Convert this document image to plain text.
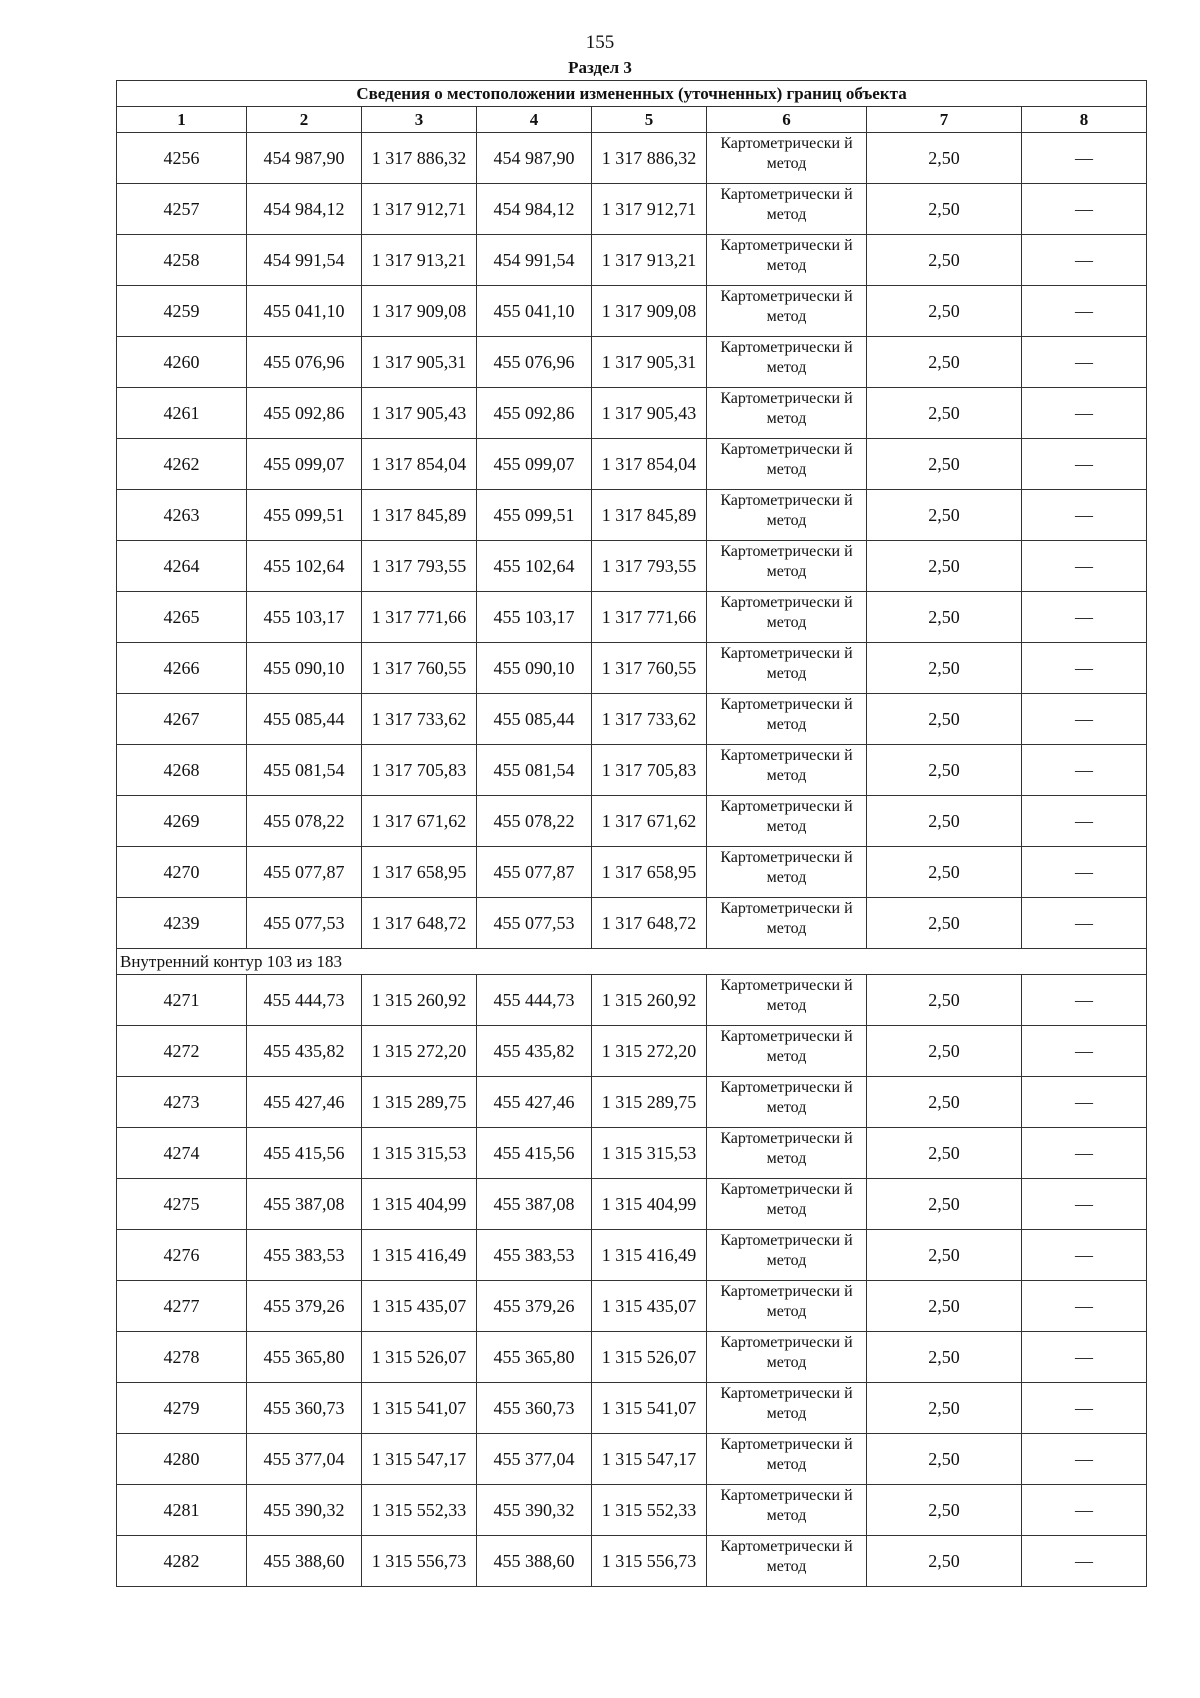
155
Раздел 3
Сведения о местоположении измененных (уточненных) границ объекта							
1	2	3	4	5	6	7	8
4256	454 987,90	1 317 886,32	454 987,90	1 317 886,32	Картометрически й метод	2,50	—
4257	454 984,12	1 317 912,71	454 984,12	1 317 912,71	Картометрически й метод	2,50	—
4258	454 991,54	1 317 913,21	454 991,54	1 317 913,21	Картометрически й метод	2,50	—
4259	455 041,10	1 317 909,08	455 041,10	1 317 909,08	Картометрически й метод	2,50	—
4260	455 076,96	1 317 905,31	455 076,96	1 317 905,31	Картометрически й метод	2,50	—
4261	455 092,86	1 317 905,43	455 092,86	1 317 905,43	Картометрически й метод	2,50	—
4262	455 099,07	1 317 854,04	455 099,07	1 317 854,04	Картометрически й метод	2,50	—
4263	455 099,51	1 317 845,89	455 099,51	1 317 845,89	Картометрически й метод	2,50	—
4264	455 102,64	1 317 793,55	455 102,64	1 317 793,55	Картометрически й метод	2,50	—
4265	455 103,17	1 317 771,66	455 103,17	1 317 771,66	Картометрически й метод	2,50	—
4266	455 090,10	1 317 760,55	455 090,10	1 317 760,55	Картометрически й метод	2,50	—
4267	455 085,44	1 317 733,62	455 085,44	1 317 733,62	Картометрически й метод	2,50	—
4268	455 081,54	1 317 705,83	455 081,54	1 317 705,83	Картометрически й метод	2,50	—
4269	455 078,22	1 317 671,62	455 078,22	1 317 671,62	Картометрически й метод	2,50	—
4270	455 077,87	1 317 658,95	455 077,87	1 317 658,95	Картометрически й метод	2,50	—
4239	455 077,53	1 317 648,72	455 077,53	1 317 648,72	Картометрически й метод	2,50	—
Внутренний контур 103 из 183							
4271	455 444,73	1 315 260,92	455 444,73	1 315 260,92	Картометрически й метод	2,50	—
4272	455 435,82	1 315 272,20	455 435,82	1 315 272,20	Картометрически й метод	2,50	—
4273	455 427,46	1 315 289,75	455 427,46	1 315 289,75	Картометрически й метод	2,50	—
4274	455 415,56	1 315 315,53	455 415,56	1 315 315,53	Картометрически й метод	2,50	—
4275	455 387,08	1 315 404,99	455 387,08	1 315 404,99	Картометрически й метод	2,50	—
4276	455 383,53	1 315 416,49	455 383,53	1 315 416,49	Картометрически й метод	2,50	—
4277	455 379,26	1 315 435,07	455 379,26	1 315 435,07	Картометрически й метод	2,50	—
4278	455 365,80	1 315 526,07	455 365,80	1 315 526,07	Картометрически й метод	2,50	—
4279	455 360,73	1 315 541,07	455 360,73	1 315 541,07	Картометрически й метод	2,50	—
4280	455 377,04	1 315 547,17	455 377,04	1 315 547,17	Картометрически й метод	2,50	—
4281	455 390,32	1 315 552,33	455 390,32	1 315 552,33	Картометрически й метод	2,50	—
4282	455 388,60	1 315 556,73	455 388,60	1 315 556,73	Картометрически й метод	2,50	—
